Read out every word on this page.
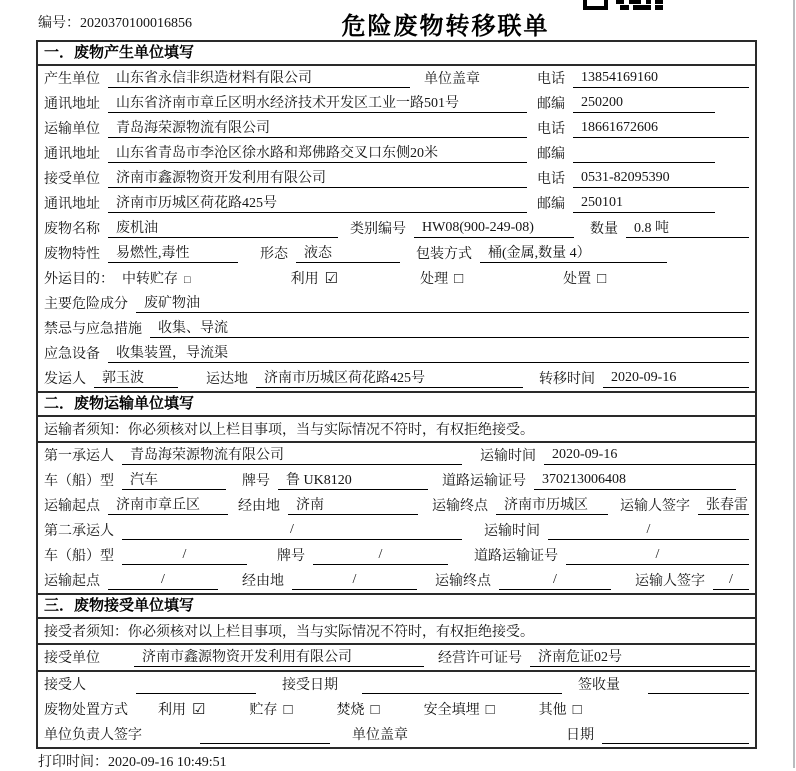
编号：2020370100016856	危险废物转移联单
一．废物产生单位填写
产生单位	山东省永信非织造材料有限公司	单位盖章	电话	13854169160
通讯地址	山东省济南市章丘区明水经济技术开发区工业一路501号	邮编	250200
运输单位	青岛海荣源物流有限公司	电话	18661672606
通讯地址	山东省青岛市李沧区徐水路和郑佛路交叉口东侧20米	邮编
接受单位	济南市鑫源物资开发利用有限公司	电话	0531-82095390
通讯地址	济南市历城区荷花路425号	邮编	250101
废物名称	废机油	类别编号	HW08(900-249-08)	数量	0.8 吨
废物特性	易燃性,毒性	形态	液态	包装方式	桶(金属,数量 4）
外运目的： 中转贮存 □	利用 ☑	处理 □	处置 □
主要危险成分	废矿物油
禁忌与应急措施	收集、导流
应急设备	收集装置，导流渠
发运人	郭玉波	运达地	济南市历城区荷花路425号	转移时间	2020-09-16
二．废物运输单位填写
运输者须知： 你必须核对以上栏目事项，当与实际情况不符时，有权拒绝接受。
第一承运人	青岛海荣源物流有限公司	运输时间	2020-09-16
车（船）型	汽车	牌号	鲁 UK8120	道路运输证号	370213006408
运输起点	济南市章丘区	经由地	济南	运输终点	济南市历城区	运输人签字	张春雷
第二承运人	/	运输时间	/
车（船）型	/	牌号	/	道路运输证号	/
运输起点	/	经由地	/	运输终点	/	运输人签字	/
三．废物接受单位填写
接受者须知： 你必须核对以上栏目事项，当与实际情况不符时，有权拒绝接受。
接受单位	济南市鑫源物资开发利用有限公司	经营许可证号	济南危证02号
接受人	接受日期	签收量
废物处置方式 利用 ☑	贮存 □	焚烧 □	安全填埋 □	其他 □
单位负责人签字	单位盖章	日期
打印时间：2020-09-16 10:49:51
